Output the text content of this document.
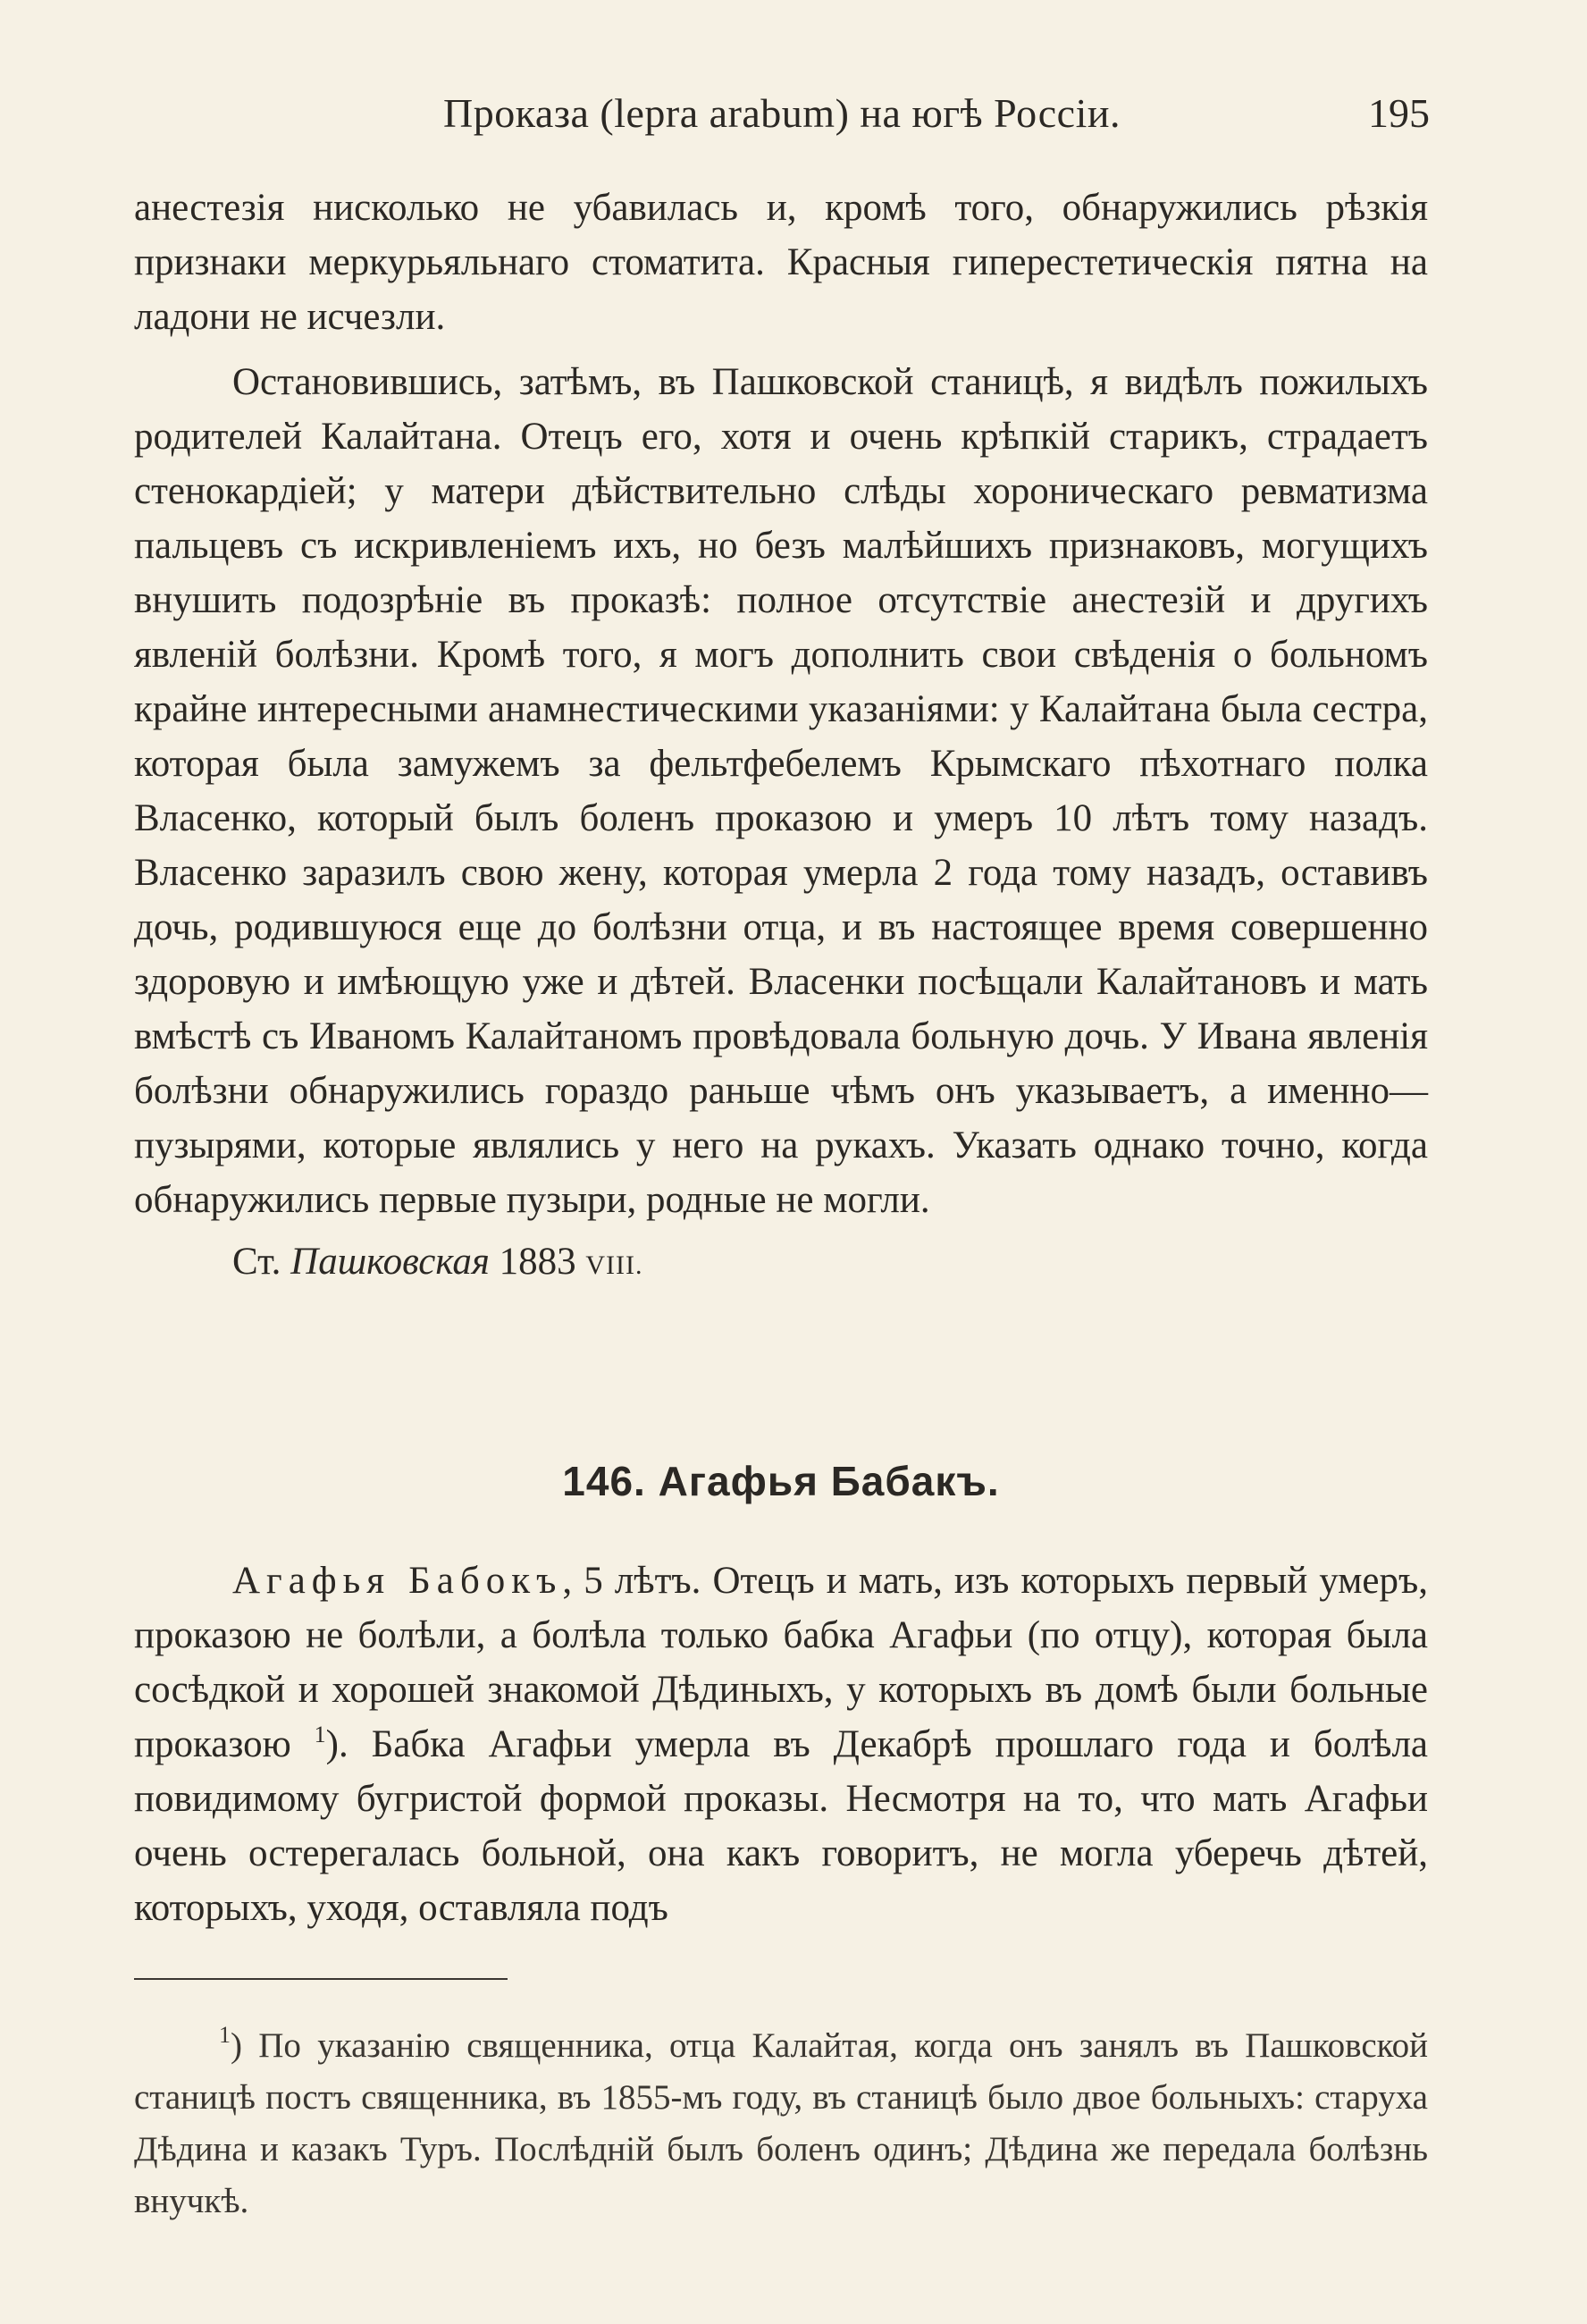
Проказа (lepra arabum) на югѣ Россіи.	195

анестезія нисколько не убавилась и, кромѣ того, обнаружились рѣзкія признаки меркурьяльнаго стоматита. Красныя гиперестетическія пятна на ладони не исчезли.

Остановившись, затѣмъ, въ Пашковской станицѣ, я видѣлъ пожилыхъ родителей Калайтана. Отецъ его, хотя и очень крѣпкій старикъ, страдаетъ стенокардіей; у матери дѣйствительно слѣды хороническаго ревматизма пальцевъ съ искривленіемъ ихъ, но безъ малѣйшихъ признаковъ, могущихъ внушить подозрѣніе въ проказѣ: полное отсутствіе анестезій и другихъ явленій болѣзни. Кромѣ того, я могъ дополнить свои свѣденія о больномъ крайне интересными анамнестическими указаніями: у Калайтана была сестра, которая была замужемъ за фельтфебелемъ Крымскаго пѣхотнаго полка Власенко, который былъ боленъ проказою и умеръ 10 лѣтъ тому назадъ. Власенко заразилъ свою жену, которая умерла 2 года тому назадъ, оставивъ дочь, родившуюся еще до болѣзни отца, и въ настоящее время совершенно здоровую и имѣющую уже и дѣтей. Власенки посѣщали Калайтановъ и мать вмѣстѣ съ Иваномъ Калайтаномъ провѣдовала больную дочь. У Ивана явленія болѣзни обнаружились гораздо раньше чѣмъ онъ указываетъ, а именно—пузырями, которые являлись у него на рукахъ. Указать однако точно, когда обнаружились первые пузыри, родные не могли.

Ст. Пашковская 1883 VIII.

146. Агафья Бабакъ.

Агафья Бабокъ, 5 лѣтъ. Отецъ и мать, изъ которыхъ первый умеръ, проказою не болѣли, а болѣла только бабка Агафьи (по отцу), которая была сосѣдкой и хорошей знакомой Дѣдиныхъ, у которыхъ въ домѣ были больные проказою $^1$). Бабка Агафьи умерла въ Декабрѣ прошлаго года и болѣла повидимому бугристой формой проказы. Несмотря на то, что мать Агафьи очень остерегалась больной, она какъ говоритъ, не могла уберечь дѣтей, которыхъ, уходя, оставляла подъ

$^1$) По указанію священника, отца Калайтая, когда онъ занялъ въ Пашковской станицѣ постъ священника, въ 1855-мъ году, въ станицѣ было двое больныхъ: старуха Дѣдина и казакъ Туръ. Послѣдній былъ боленъ одинъ; Дѣдина же передала болѣзнь внучкѣ.
